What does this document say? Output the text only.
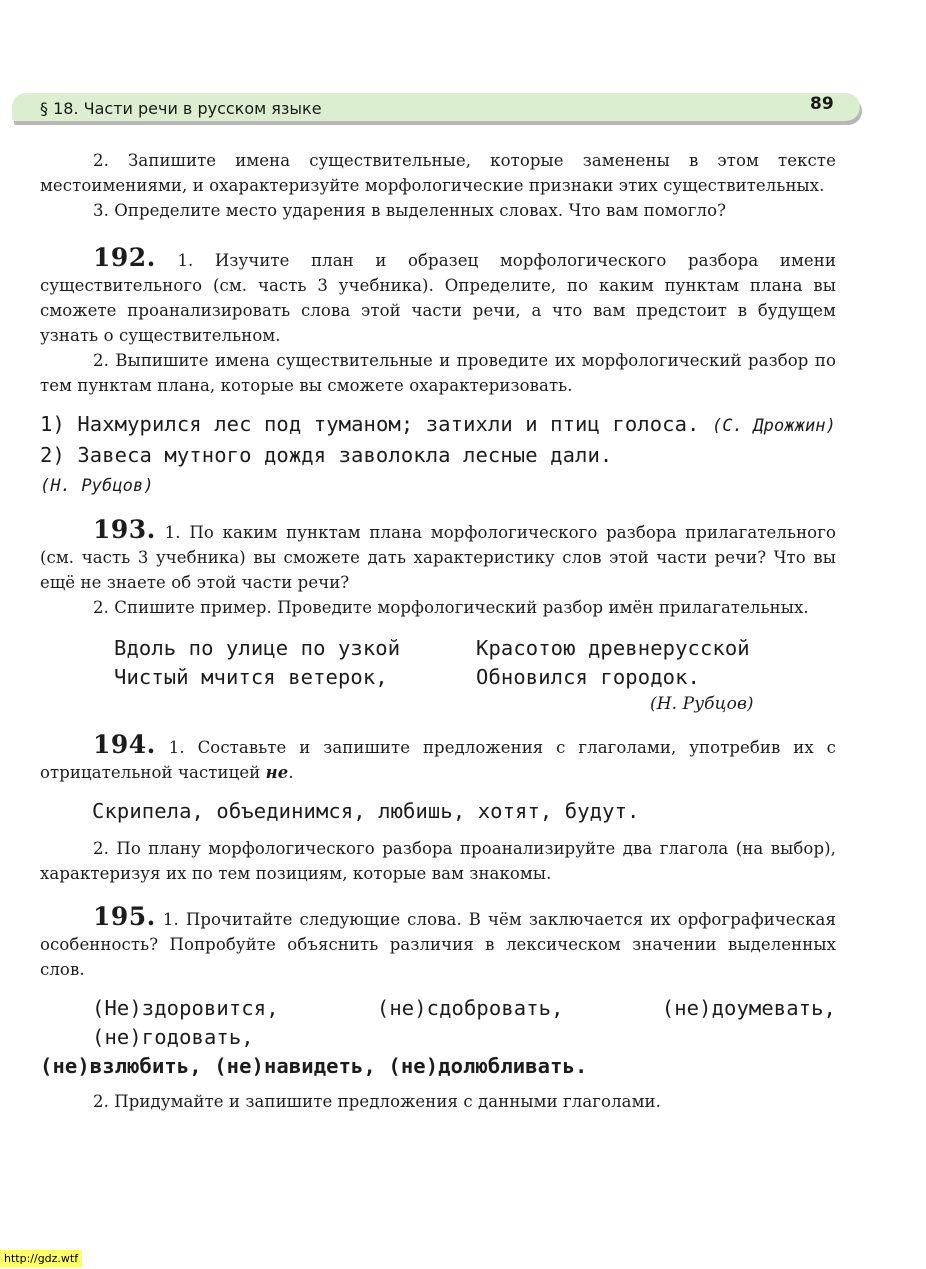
§ 18. Части речи в русском языке	89

2. Запишите имена существительные, которые заменены в этом тексте местоимениями, и охарактеризуйте морфологические признаки этих существительных.

3. Определите место ударения в выделенных словах. Что вам помогло?

192. 1. Изучите план и образец морфологического разбора имени существительного (см. часть 3 учебника). Определите, по каким пунктам плана вы сможете проанализировать слова этой части речи, а что вам предстоит в будущем узнать о существительном.

2. Выпишите имена существительные и проведите их морфологический разбор по тем пунктам плана, которые вы сможете охарактеризовать.

1) Нахмурился лес под туманом; затихли и птиц голоса. (С. Дрожжин) 2) Завеса мутного дождя заволокла лесные дали.
(Н. Рубцов)

193. 1. По каким пунктам плана морфологического разбора прилагательного (см. часть 3 учебника) вы сможете дать характеристику слов этой части речи? Что вы ещё не знаете об этой части речи?

2. Спишите пример. Проведите морфологический разбор имён прилагательных.

Вдоль по улице по узкой
Чистый мчится ветерок,
Красотою древнерусской
Обновился городок.
(Н. Рубцов)

194. 1. Составьте и запишите предложения с глаголами, употребив их с отрицательной частицей не.

Скрипела, объединимся, любишь, хотят, будут.

2. По плану морфологического разбора проанализируйте два глагола (на выбор), характеризуя их по тем позициям, которые вам знакомы.

195. 1. Прочитайте следующие слова. В чём заключается их орфографическая особенность? Попробуйте объяснить различия в лексическом значении выделенных слов.

(Не)здоровится, (не)сдобровать, (не)доумевать, (не)годовать,
(не)взлюбить, (не)навидеть, (не)долюбливать.

2. Придумайте и запишите предложения с данными глаголами.

http://gdz.wtf
